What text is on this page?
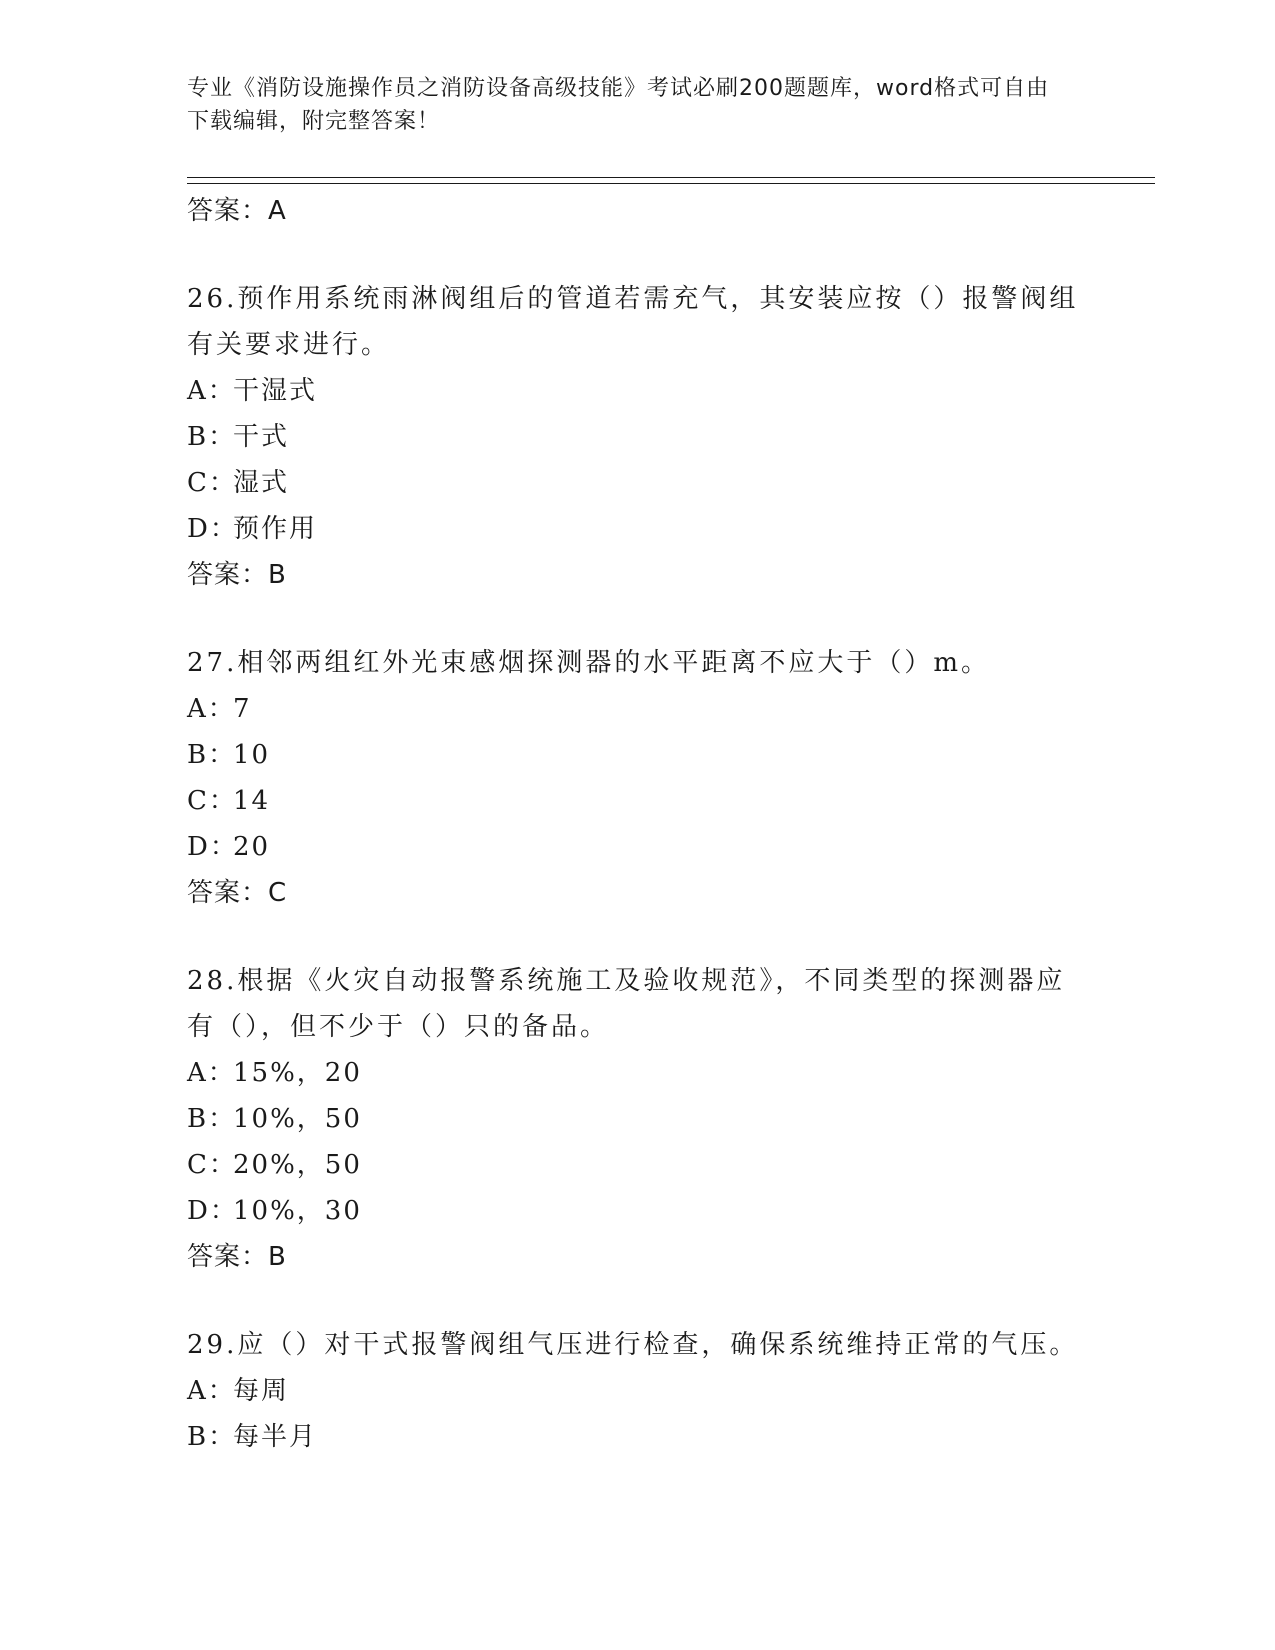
专业《消防设施操作员之消防设备高级技能》考试必刷200题题库，word格式可自由下载编辑，附完整答案！
答案：A
26.预作用系统雨淋阀组后的管道若需充气，其安装应按（）报警阀组有关要求进行。
A：干湿式
B：干式
C：湿式
D：预作用
答案：B
27.相邻两组红外光束感烟探测器的水平距离不应大于（）m。
A：7
B：10
C：14
D：20
答案：C
28.根据《火灾自动报警系统施工及验收规范》，不同类型的探测器应有（），但不少于（）只的备品。
A：15%，20
B：10%，50
C：20%，50
D：10%，30
答案：B
29.应（）对干式报警阀组气压进行检查，确保系统维持正常的气压。
A：每周
B：每半月
